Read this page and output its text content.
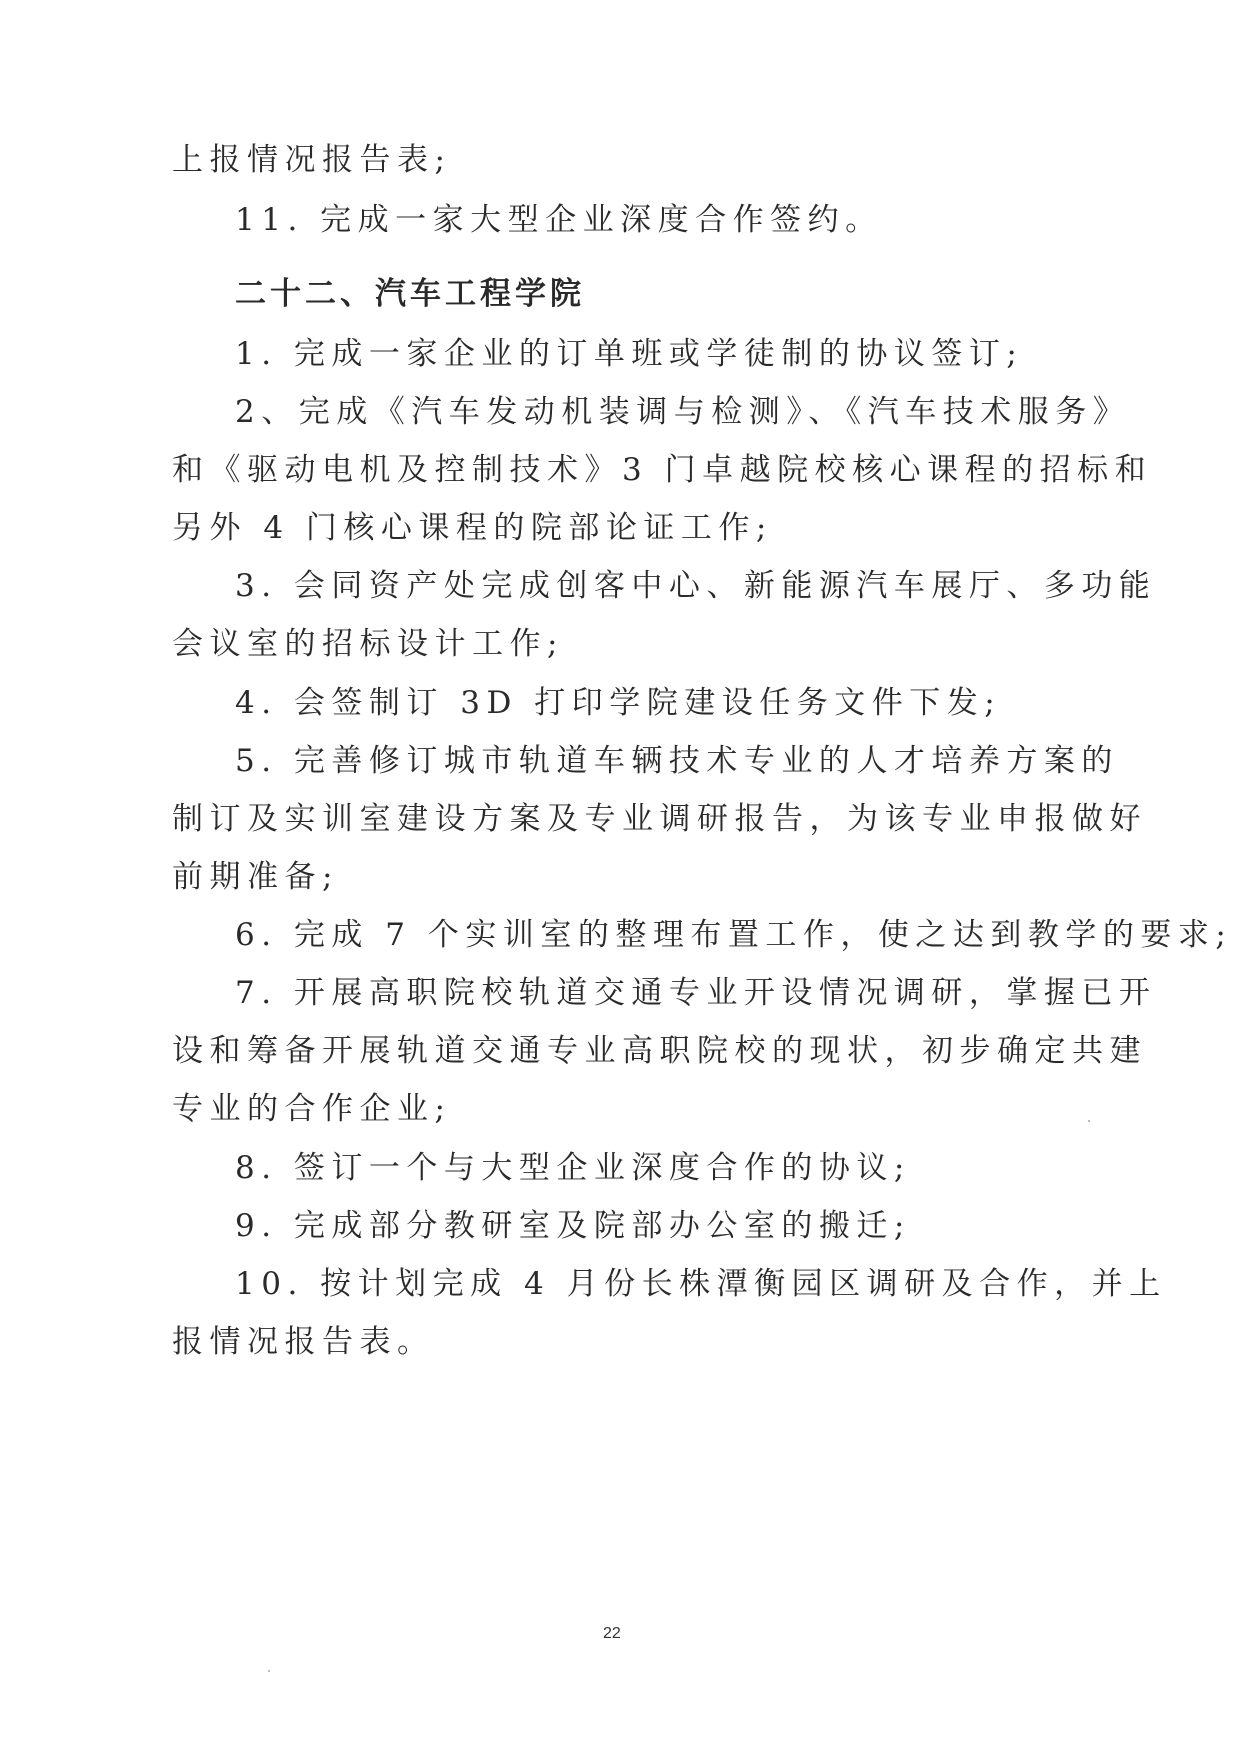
上报情况报告表;
11. 完成一家大型企业深度合作签约。
二十二、汽车工程学院
1. 完成一家企业的订单班或学徒制的协议签订;
2、完成《汽车发动机装调与检测》、《汽车技术服务》
和《驱动电机及控制技术》3 门卓越院校核心课程的招标和
另外 4 门核心课程的院部论证工作;
3. 会同资产处完成创客中心、新能源汽车展厅、多功能
会议室的招标设计工作;
4. 会签制订 3D 打印学院建设任务文件下发;
5. 完善修订城市轨道车辆技术专业的人才培养方案的
制订及实训室建设方案及专业调研报告，为该专业申报做好
前期准备;
6. 完成 7 个实训室的整理布置工作，使之达到教学的要求;
7. 开展高职院校轨道交通专业开设情况调研，掌握已开
设和筹备开展轨道交通专业高职院校的现状，初步确定共建
专业的合作企业;
8. 签订一个与大型企业深度合作的协议;
9. 完成部分教研室及院部办公室的搬迁;
10. 按计划完成 4 月份长株潭衡园区调研及合作，并上
报情况报告表。
22
